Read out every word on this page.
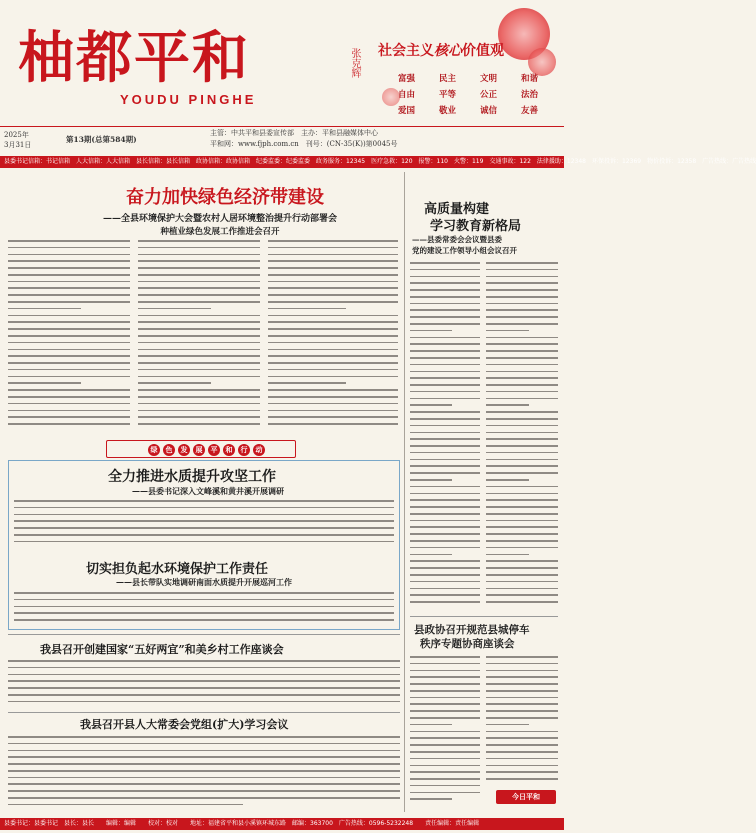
柚都平和
YOUDU PINGHE
张克辉 社会主义核心价值观
富强	民主	文明	和谐
自由	平等	公正	法治
爱国	敬业	诚信	友善
2025年
3月31日
第13期(总第584期)
主管：中共平和县委宣传部　主办：平和县融媒体中心
平和网：www.fjph.com.cn　刊号：(CN-35(K))第0045号
县委书记信箱：书记信箱　人大信箱：人大信箱　县长信箱：县长信箱　政协信箱：政协信箱　纪委监委：纪委监委　政务服务：12345　医疗急救：120　报警：110　火警：119　交通事故：122　法律援助：12348　环保投诉：12369　物价投诉：12358　广告热线：广告热线
奋力加快绿色经济带建设
——全县环境保护大会暨农村人居环境整治提升行动部署会
种植业绿色发展工作推进会召开
绿	色	发	展	平	和	行	动
全力推进水质提升攻坚工作
——县委书记深入文峰溪和黄井溪开展调研
切实担负起水环境保护工作责任
——县长带队实地调研南面水质提升开展巡河工作
我县召开创建国家“五好两宜”和美乡村工作座谈会
我县召开县人大常委会党组(扩大)学习会议
高质量构建
学习教育新格局
——县委常委会会议暨县委
党的建设工作领导小组会议召开
县政协召开规范县城停车
秩序专题协商座谈会
今日平和
县委书记：县委书记　县长：县长　　编辑：编辑　　校对：校对　　地址：福建省平和县小溪镇环城东路　邮编：363700　广告热线：0596-5232248　　责任编辑：责任编辑
